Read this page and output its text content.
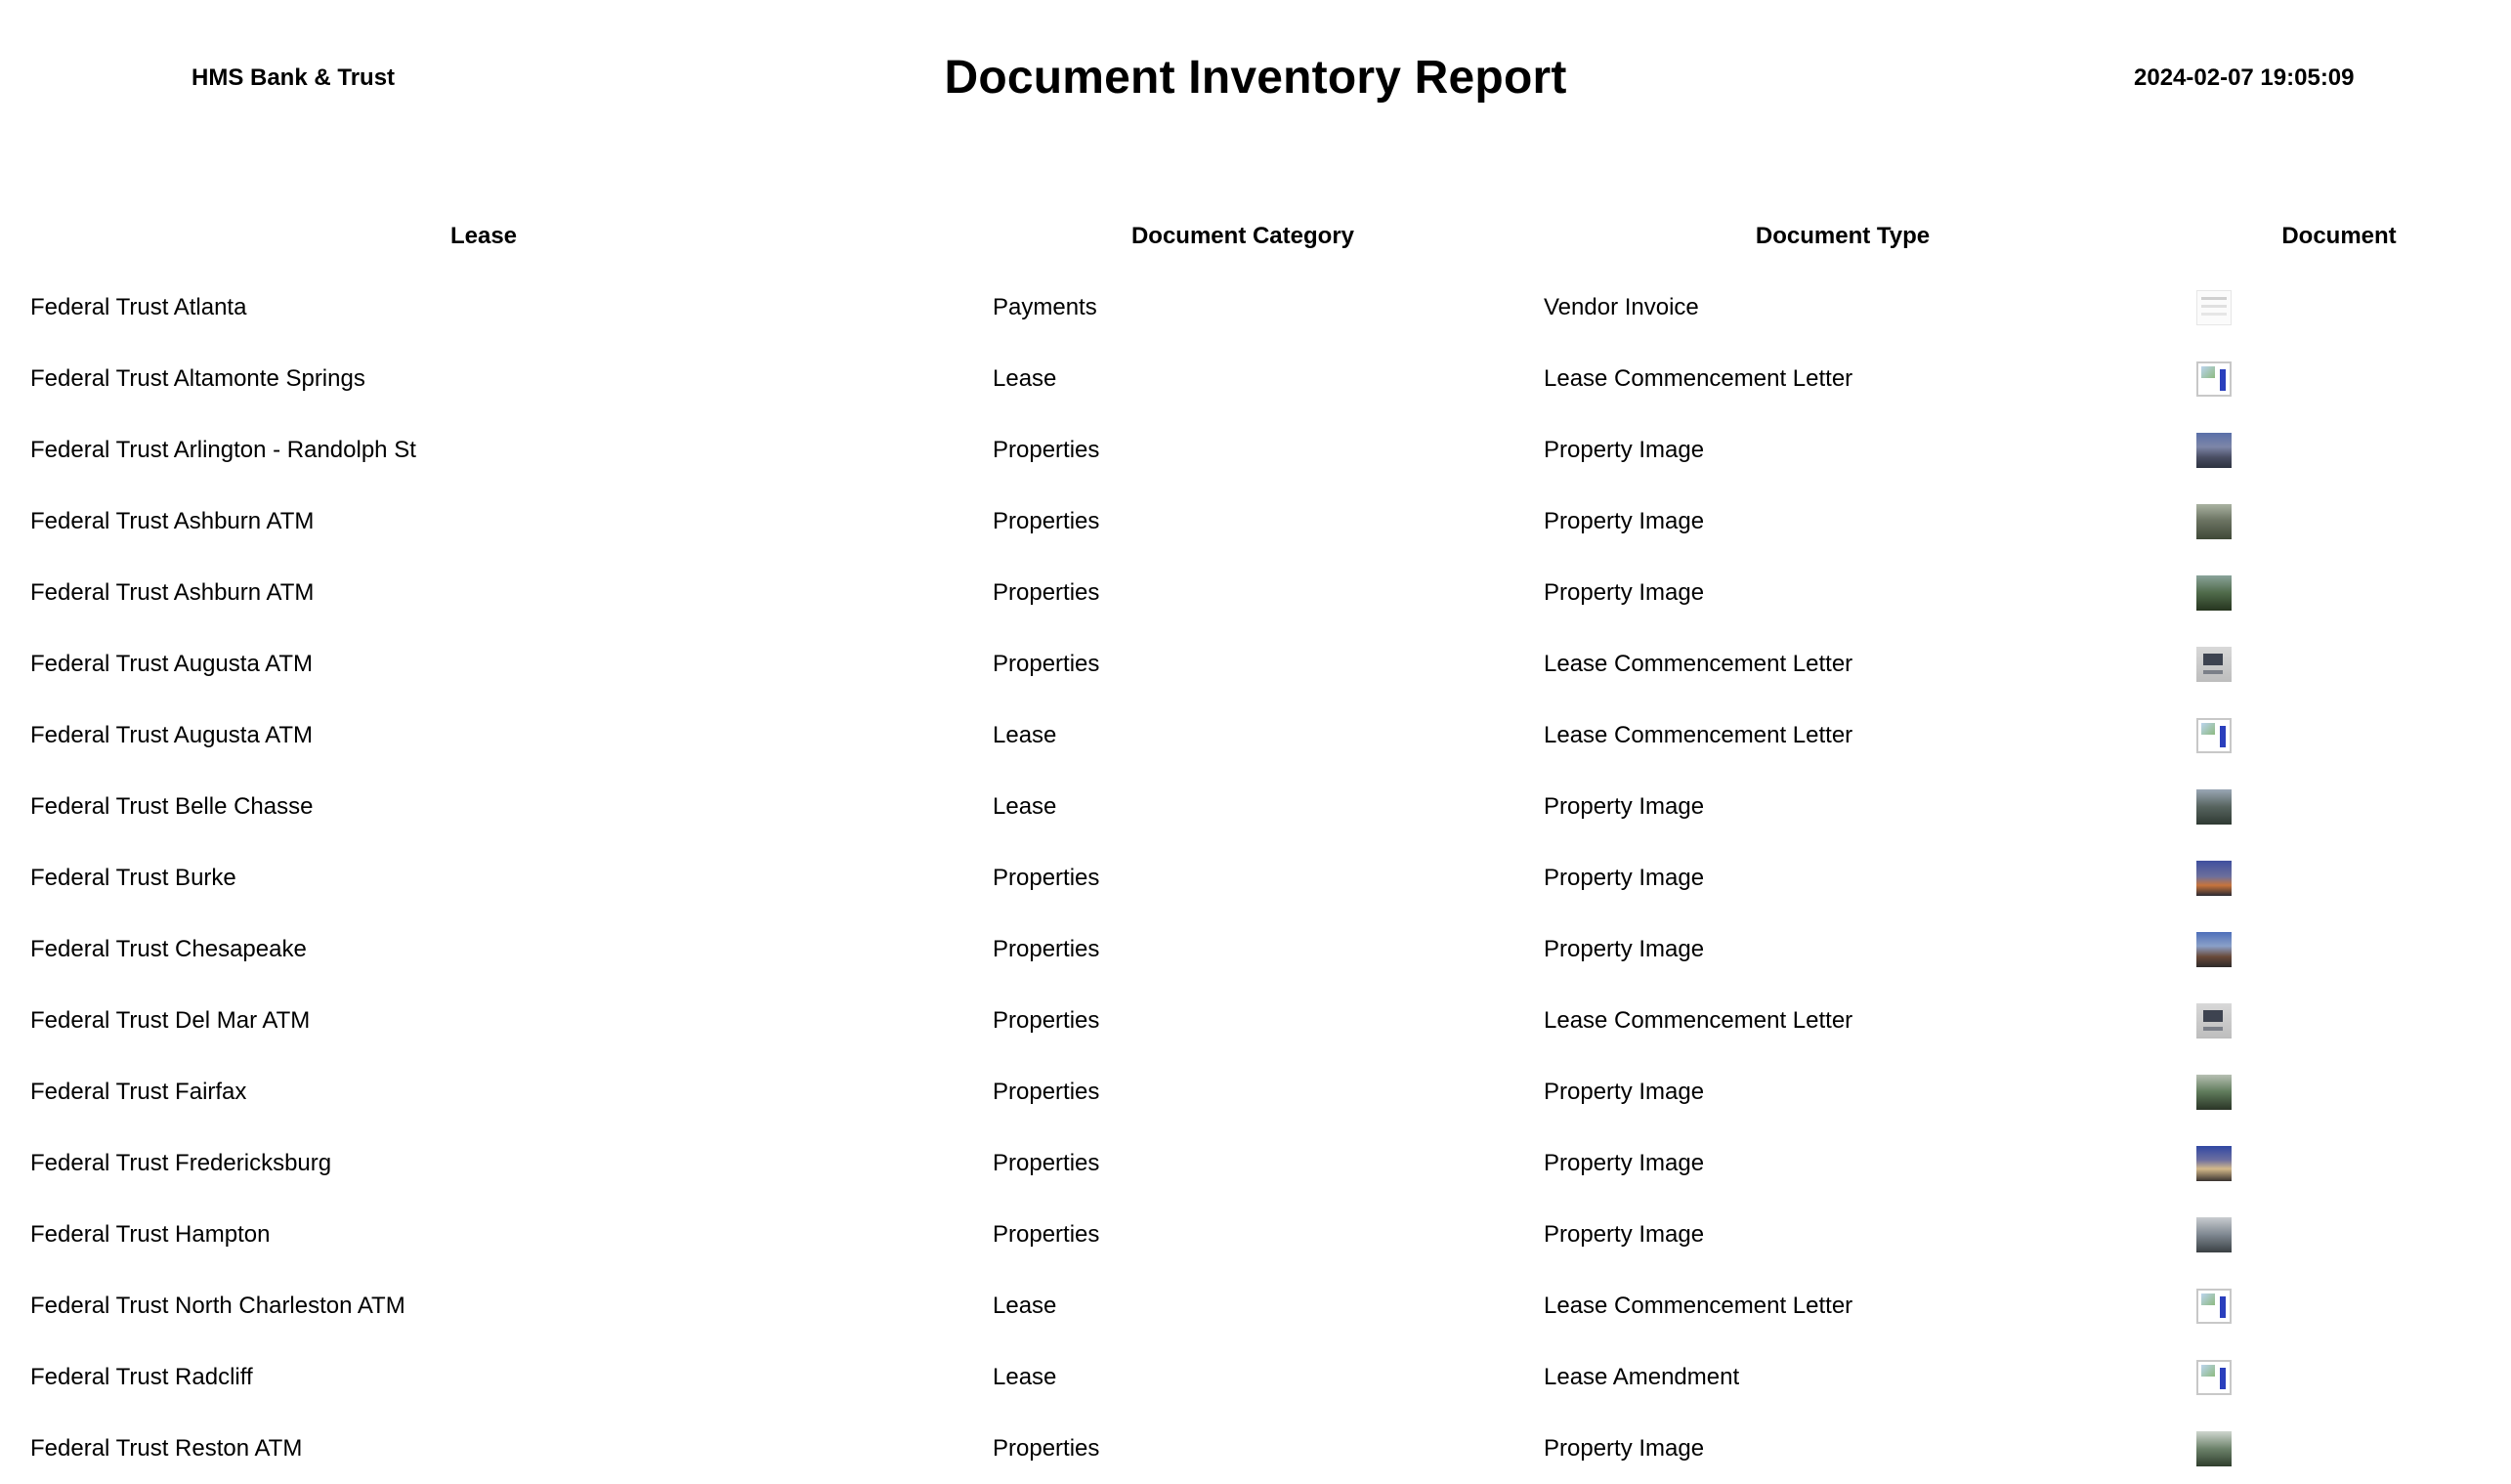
HMS Bank & Trust	Document Inventory Report	2024-02-07 19:05:09
Lease	Document Category	Document Type	Document
Federal Trust Atlanta	Payments	Vendor Invoice	
Federal Trust Altamonte Springs	Lease	Lease Commencement Letter	
Federal Trust Arlington - Randolph St	Properties	Property Image	
Federal Trust Ashburn ATM	Properties	Property Image	
Federal Trust Ashburn ATM	Properties	Property Image	
Federal Trust Augusta ATM	Properties	Lease Commencement Letter	
Federal Trust Augusta ATM	Lease	Lease Commencement Letter	
Federal Trust Belle Chasse	Lease	Property Image	
Federal Trust Burke	Properties	Property Image	
Federal Trust Chesapeake	Properties	Property Image	
Federal Trust Del Mar ATM	Properties	Lease Commencement Letter	
Federal Trust Fairfax	Properties	Property Image	
Federal Trust Fredericksburg	Properties	Property Image	
Federal Trust Hampton	Properties	Property Image	
Federal Trust North Charleston ATM	Lease	Lease Commencement Letter	
Federal Trust Radcliff	Lease	Lease Amendment	
Federal Trust Reston ATM	Properties	Property Image	
